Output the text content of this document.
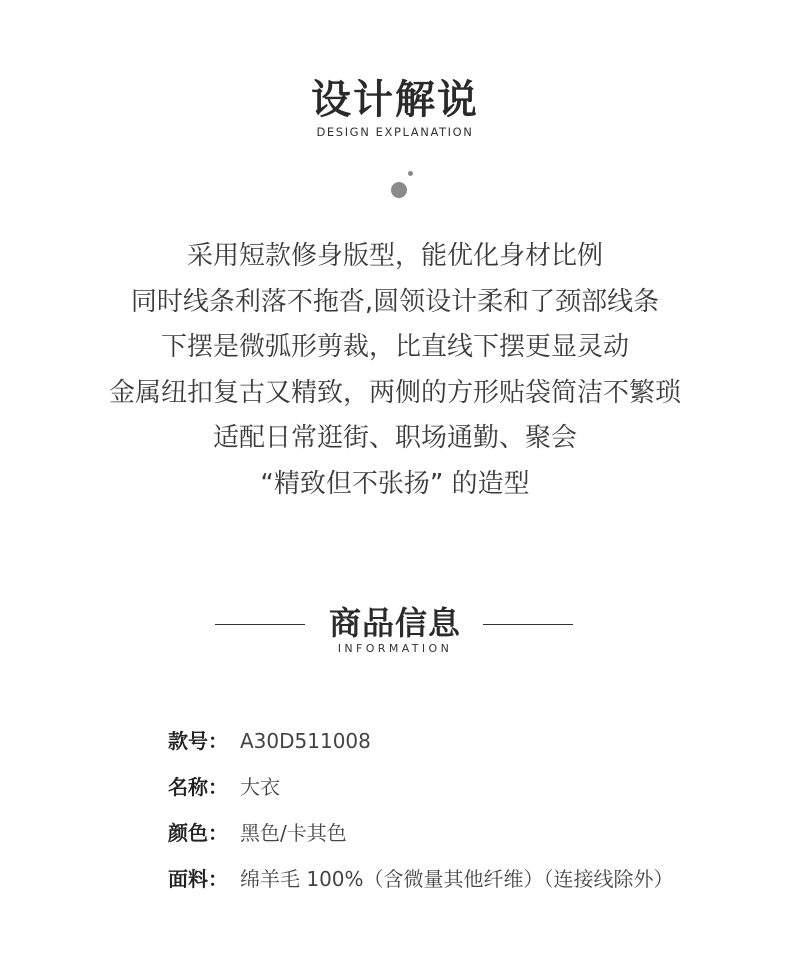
设计解说
DESIGN EXPLANATION
采用短款修身版型，能优化身材比例
同时线条利落不拖沓,圆领设计柔和了颈部线条
下摆是微弧形剪裁，比直线下摆更显灵动
金属纽扣复古又精致，两侧的方形贴袋简洁不繁琐
适配日常逛街、职场通勤、聚会
“精致但不张扬” 的造型
商品信息
INFORMATION
款号： A30D511008
名称： 大衣
颜色： 黑色/卡其色
面料： 绵羊毛 100%（含微量其他纤维）（连接线除外）
